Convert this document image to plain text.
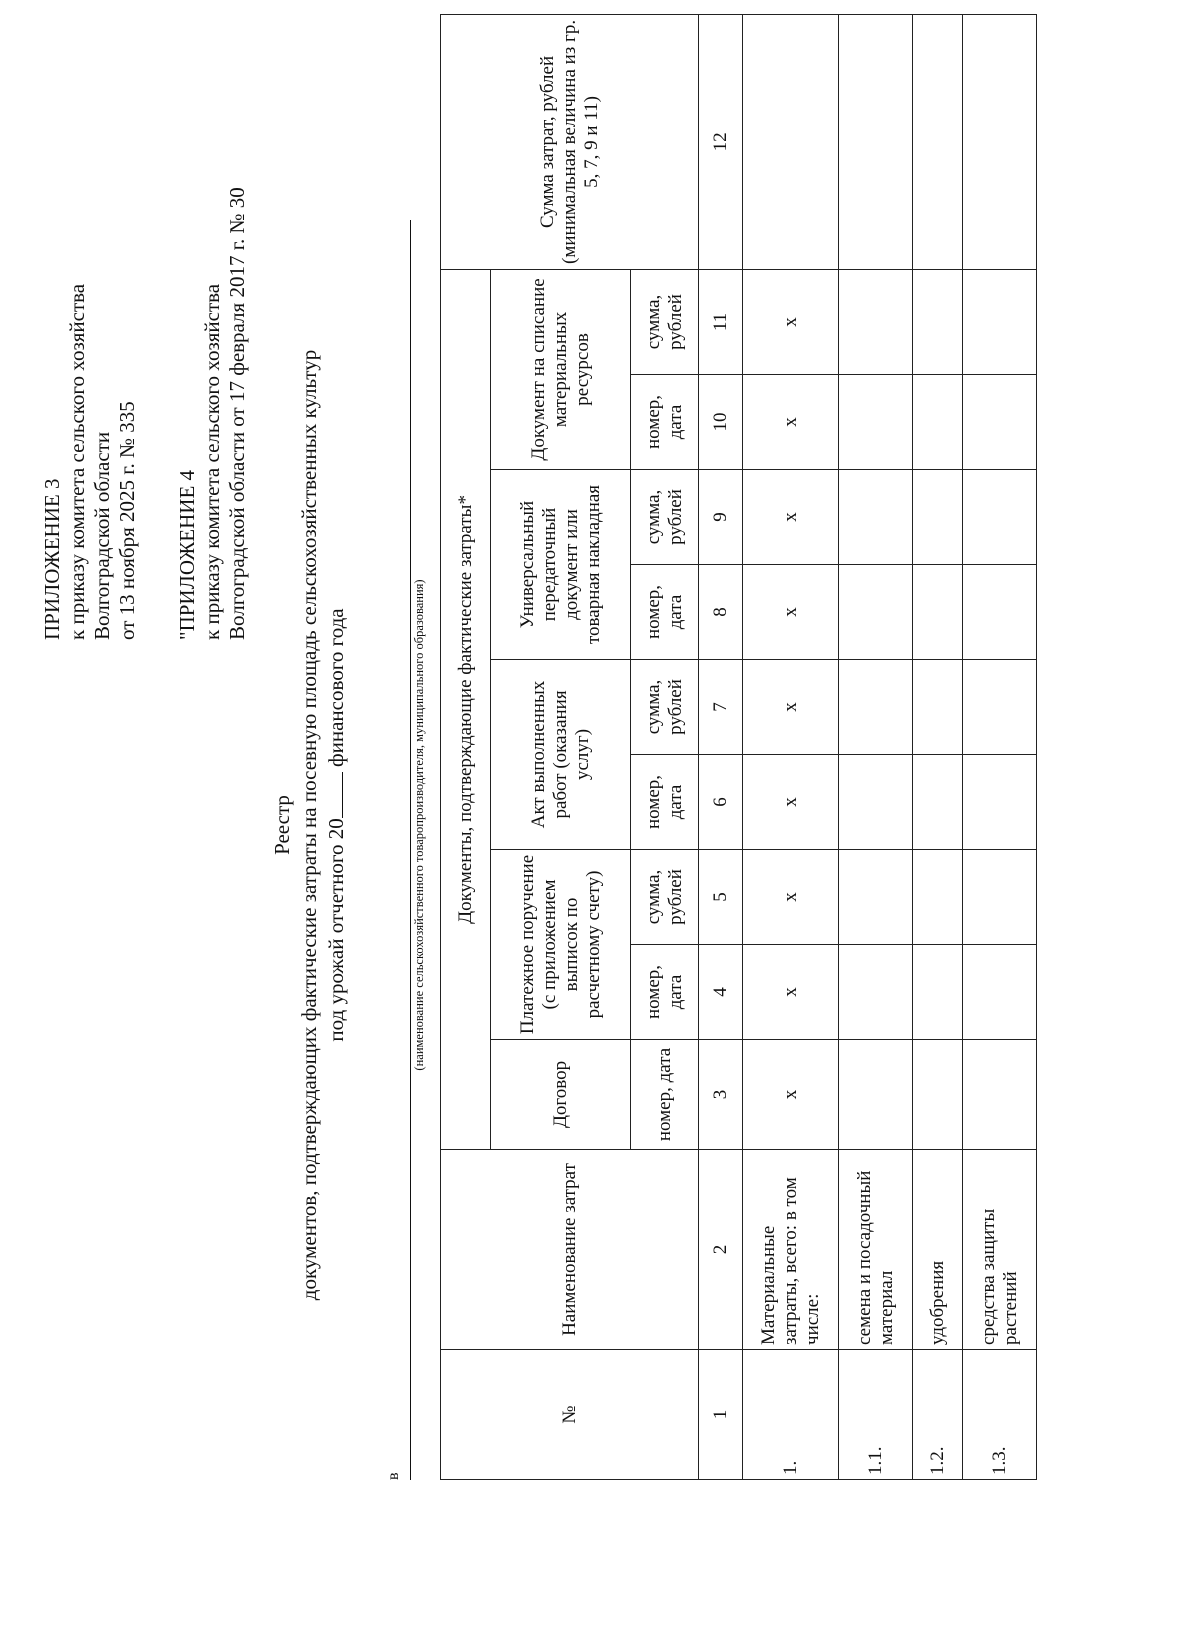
ПРИЛОЖЕНИЕ 3 к приказу комитета сельского хозяйства Волгоградской области от 13 ноября 2025 г. № 335 "ПРИЛОЖЕНИЕ 4 к приказу комитета сельского хозяйства Волгоградской области от 17 февраля 2017 г. № 30
Реестр документов, подтверждающих фактические затраты на посевную площадь сельскохозяйственных культур под урожай отчетного 20 финансового года
в
(наименование сельскохозяйственного товаропроизводителя, муниципального образования)
№	Наименование затрат	Документы, подтверждающие фактические затраты*									Сумма затрат, рублей (минимальная величина из гр. 5, 7, 9 и 11)
		Договор	Платежное поручение (с приложением выписок по расчетному счету)		Акт выполненных работ (оказания услуг)		Универсальный передаточный документ или товарная накладная		Документ на списание материальных ресурсов		
		номер, дата	номер, дата	сумма, рублей	номер, дата	сумма, рублей	номер, дата	сумма, рублей	номер, дата	сумма, рублей	
1	2	3	4	5	6	7	8	9	10	11	12
1.	Материальные затраты, всего: в том числе:	x	x	x	x	x	x	x	x	x	
1.1.	семена и посадочный материал										
1.2.	удобрения										
1.3.	средства защиты растений										
